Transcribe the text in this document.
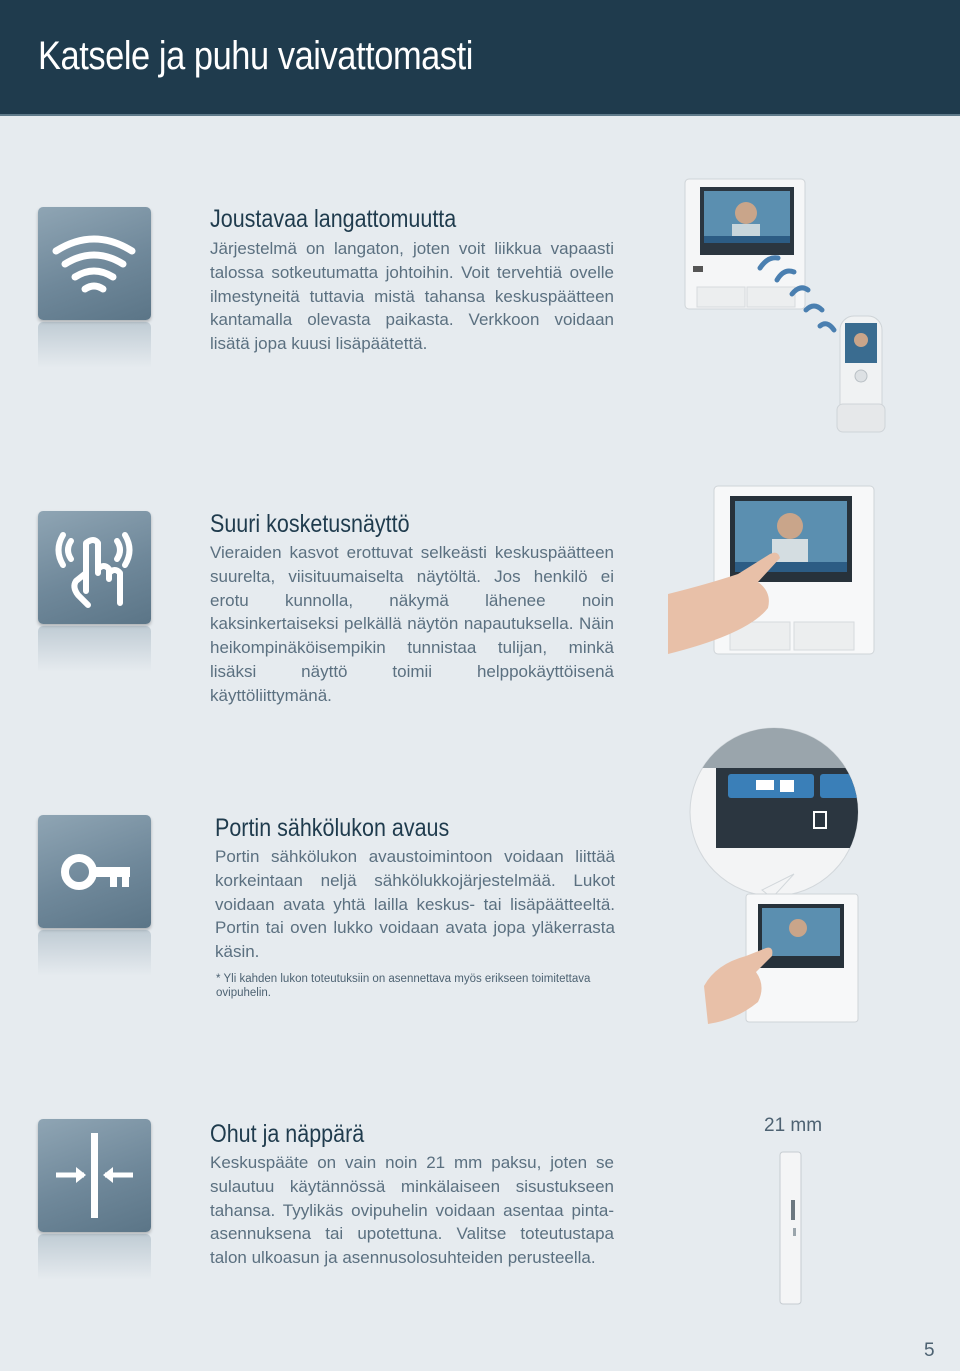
Katsele ja puhu vaivattomasti
Joustavaa langattomuutta

Järjestelmä on langaton, joten voit liikkua vapaasti talossa sotkeutumatta johtoihin. Voit tervehtiä ovelle ilmestyneitä tuttavia mistä tahansa keskuspäätteen kantamalla olevasta paikasta. Verkkoon voidaan lisätä jopa kuusi lisäpäätettä.

Suuri kosketusnäyttö

Vieraiden kasvot erottuvat selkeästi keskuspäätteen suurelta, viisituumaiselta näytöltä. Jos henkilö ei erotu kunnolla, näkymä lähenee noin kaksinkertaiseksi pelkällä näytön napautuksella. Näin heikompinäköisempikin tunnistaa tulijan, minkä lisäksi näyttö toimii helppokäyttöisenä käyttöliittymänä.

Portin sähkölukon avaus

Portin sähkölukon avaustoimintoon voidaan liittää korkeintaan neljä sähkölukkojärjestelmää. Lukot voidaan avata yhtä lailla keskus- tai lisäpäätteeltä. Portin tai oven lukko voidaan avata jopa yläkerrasta käsin.

* Yli kahden lukon toteutuksiin on asennettava myös erikseen toimitettava ovipuhelin.

Ohut ja näppärä

Keskuspääte on vain noin 21 mm paksu, joten se sulautuu käytännössä minkälaiseen sisustukseen tahansa. Tyylikäs ovipuhelin voidaan asentaa pinta-asennuksena tai upotettuna. Valitse toteutustapa talon ulkoasun ja asennusolosuhteiden perusteella.

21 mm
5
